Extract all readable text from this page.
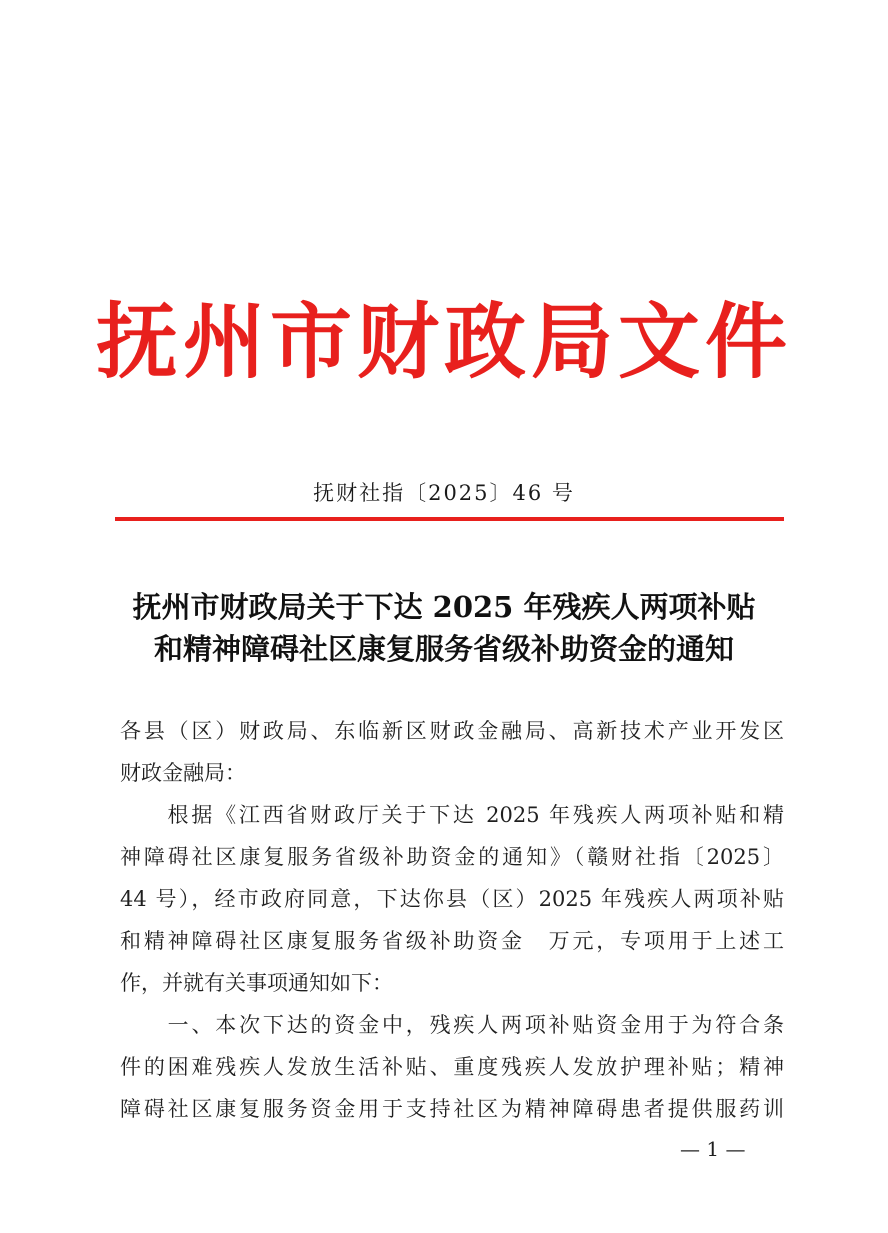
抚州市财政局文件
抚财社指〔2025〕46 号
抚州市财政局关于下达 2025 年残疾人两项补贴
和精神障碍社区康复服务省级补助资金的通知
各县（区）财政局、东临新区财政金融局、高新技术产业开发区
财政金融局：
　　根据《江西省财政厅关于下达 2025 年残疾人两项补贴和精
神障碍社区康复服务省级补助资金的通知》（赣财社指〔2025〕
44 号），经市政府同意，下达你县（区）2025 年残疾人两项补贴
和精神障碍社区康复服务省级补助资金　万元，专项用于上述工
作，并就有关事项通知如下：
　　一、本次下达的资金中，残疾人两项补贴资金用于为符合条
件的困难残疾人发放生活补贴、重度残疾人发放护理补贴；精神
障碍社区康复服务资金用于支持社区为精神障碍患者提供服药训
— 1 —
